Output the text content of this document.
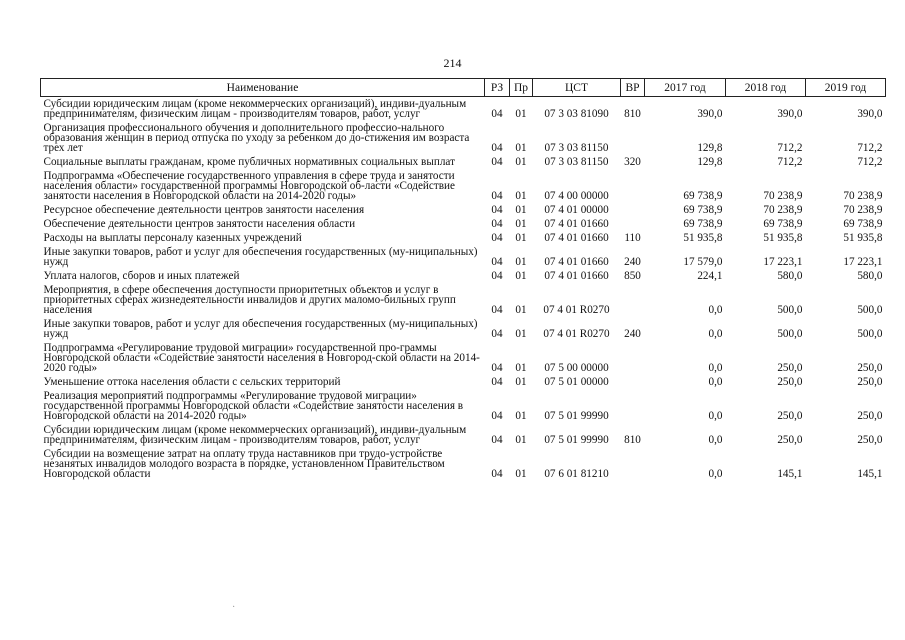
214
Наименование	РЗ	Пр	ЦСТ	ВР	2017 год	2018 год	2019 год
Субсидии юридическим лицам (кроме некоммерческих организаций), индиви-дуальным предпринимателям, физическим лицам - производителям товаров, работ, услуг	04	01	07 3 03 81090	810	390,0	390,0	390,0
Организация профессионального обучения и дополнительного профессио-нального образования женщин в период отпуска по уходу за ребенком до до-стижения им возраста трех лет	04	01	07 3 03 81150		129,8	712,2	712,2
Социальные выплаты гражданам, кроме публичных нормативных социальных выплат	04	01	07 3 03 81150	320	129,8	712,2	712,2
Подпрограмма «Обеспечение государственного управления в сфере труда и занятости населения области» государственной программы Новгородской об-ласти «Содействие занятости населения в Новгородской области на 2014-2020 годы»	04	01	07 4 00 00000		69 738,9	70 238,9	70 238,9
Ресурсное обеспечение деятельности центров занятости населения	04	01	07 4 01 00000		69 738,9	70 238,9	70 238,9
Обеспечение деятельности центров занятости населения области	04	01	07 4 01 01660		69 738,9	69 738,9	69 738,9
Расходы на выплаты персоналу казенных учреждений	04	01	07 4 01 01660	110	51 935,8	51 935,8	51 935,8
Иные закупки товаров, работ и услуг для обеспечения государственных (му-ниципальных) нужд	04	01	07 4 01 01660	240	17 579,0	17 223,1	17 223,1
Уплата налогов, сборов и иных платежей	04	01	07 4 01 01660	850	224,1	580,0	580,0
Мероприятия, в сфере обеспечения доступности приоритетных объектов и услуг в приоритетных сферах жизнедеятельности инвалидов и других маломо-бильных групп населения	04	01	07 4 01 R0270		0,0	500,0	500,0
Иные закупки товаров, работ и услуг для обеспечения государственных (му-ниципальных) нужд	04	01	07 4 01 R0270	240	0,0	500,0	500,0
Подпрограмма «Регулирование трудовой миграции» государственной про-граммы Новгородской области «Содействие занятости населения в Новгород-ской области на 2014-2020 годы»	04	01	07 5 00 00000		0,0	250,0	250,0
Уменьшение оттока населения области с сельских территорий	04	01	07 5 01 00000		0,0	250,0	250,0
Реализация мероприятий подпрограммы «Регулирование трудовой миграции» государственной программы Новгородской области «Содействие занятости населения в Новгородской области на 2014-2020 годы»	04	01	07 5 01 99990		0,0	250,0	250,0
Субсидии юридическим лицам (кроме некоммерческих организаций), индиви-дуальным предпринимателям, физическим лицам - производителям товаров, работ, услуг	04	01	07 5 01 99990	810	0,0	250,0	250,0
Субсидии на возмещение затрат на оплату труда наставников при трудо-устройстве незанятых инвалидов молодого возраста в порядке, установленном Правительством Новгородской области	04	01	07 6 01 81210		0,0	145,1	145,1
·
